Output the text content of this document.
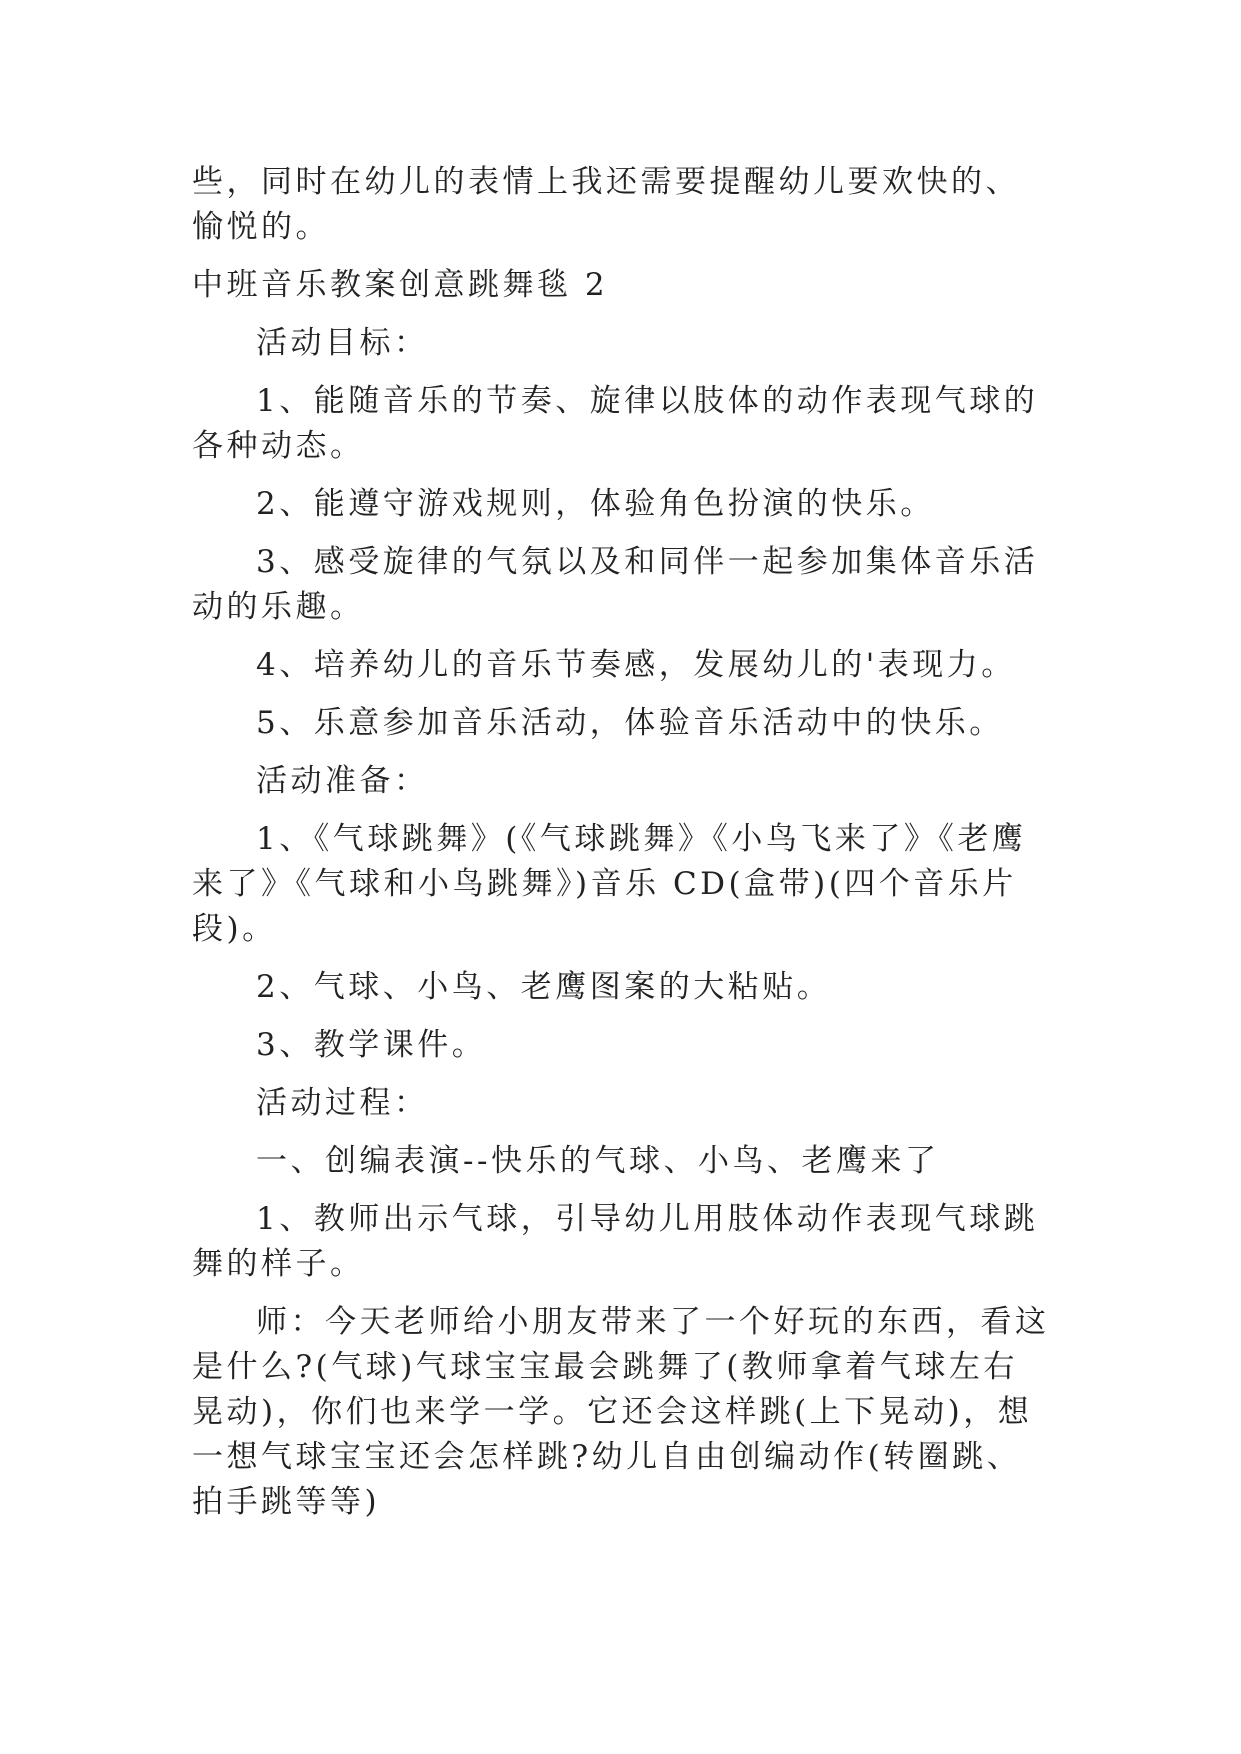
些，同时在幼儿的表情上我还需要提醒幼儿要欢快的、愉悦的。

中班音乐教案创意跳舞毯 2

活动目标：

1、能随音乐的节奏、旋律以肢体的动作表现气球的各种动态。

2、能遵守游戏规则，体验角色扮演的快乐。

3、感受旋律的气氛以及和同伴一起参加集体音乐活动的乐趣。

4、培养幼儿的音乐节奏感，发展幼儿的'表现力。

5、乐意参加音乐活动，体验音乐活动中的快乐。

活动准备：

1、《气球跳舞》(《气球跳舞》《小鸟飞来了》《老鹰来了》《气球和小鸟跳舞》)音乐 CD(盒带)(四个音乐片段)。

2、气球、小鸟、老鹰图案的大粘贴。

3、教学课件。

活动过程：

一、创编表演--快乐的气球、小鸟、老鹰来了

1、教师出示气球，引导幼儿用肢体动作表现气球跳舞的样子。

师：今天老师给小朋友带来了一个好玩的东西，看这是什么?(气球)气球宝宝最会跳舞了(教师拿着气球左右晃动)，你们也来学一学。它还会这样跳(上下晃动)，想一想气球宝宝还会怎样跳?幼儿自由创编动作(转圈跳、拍手跳等等)
